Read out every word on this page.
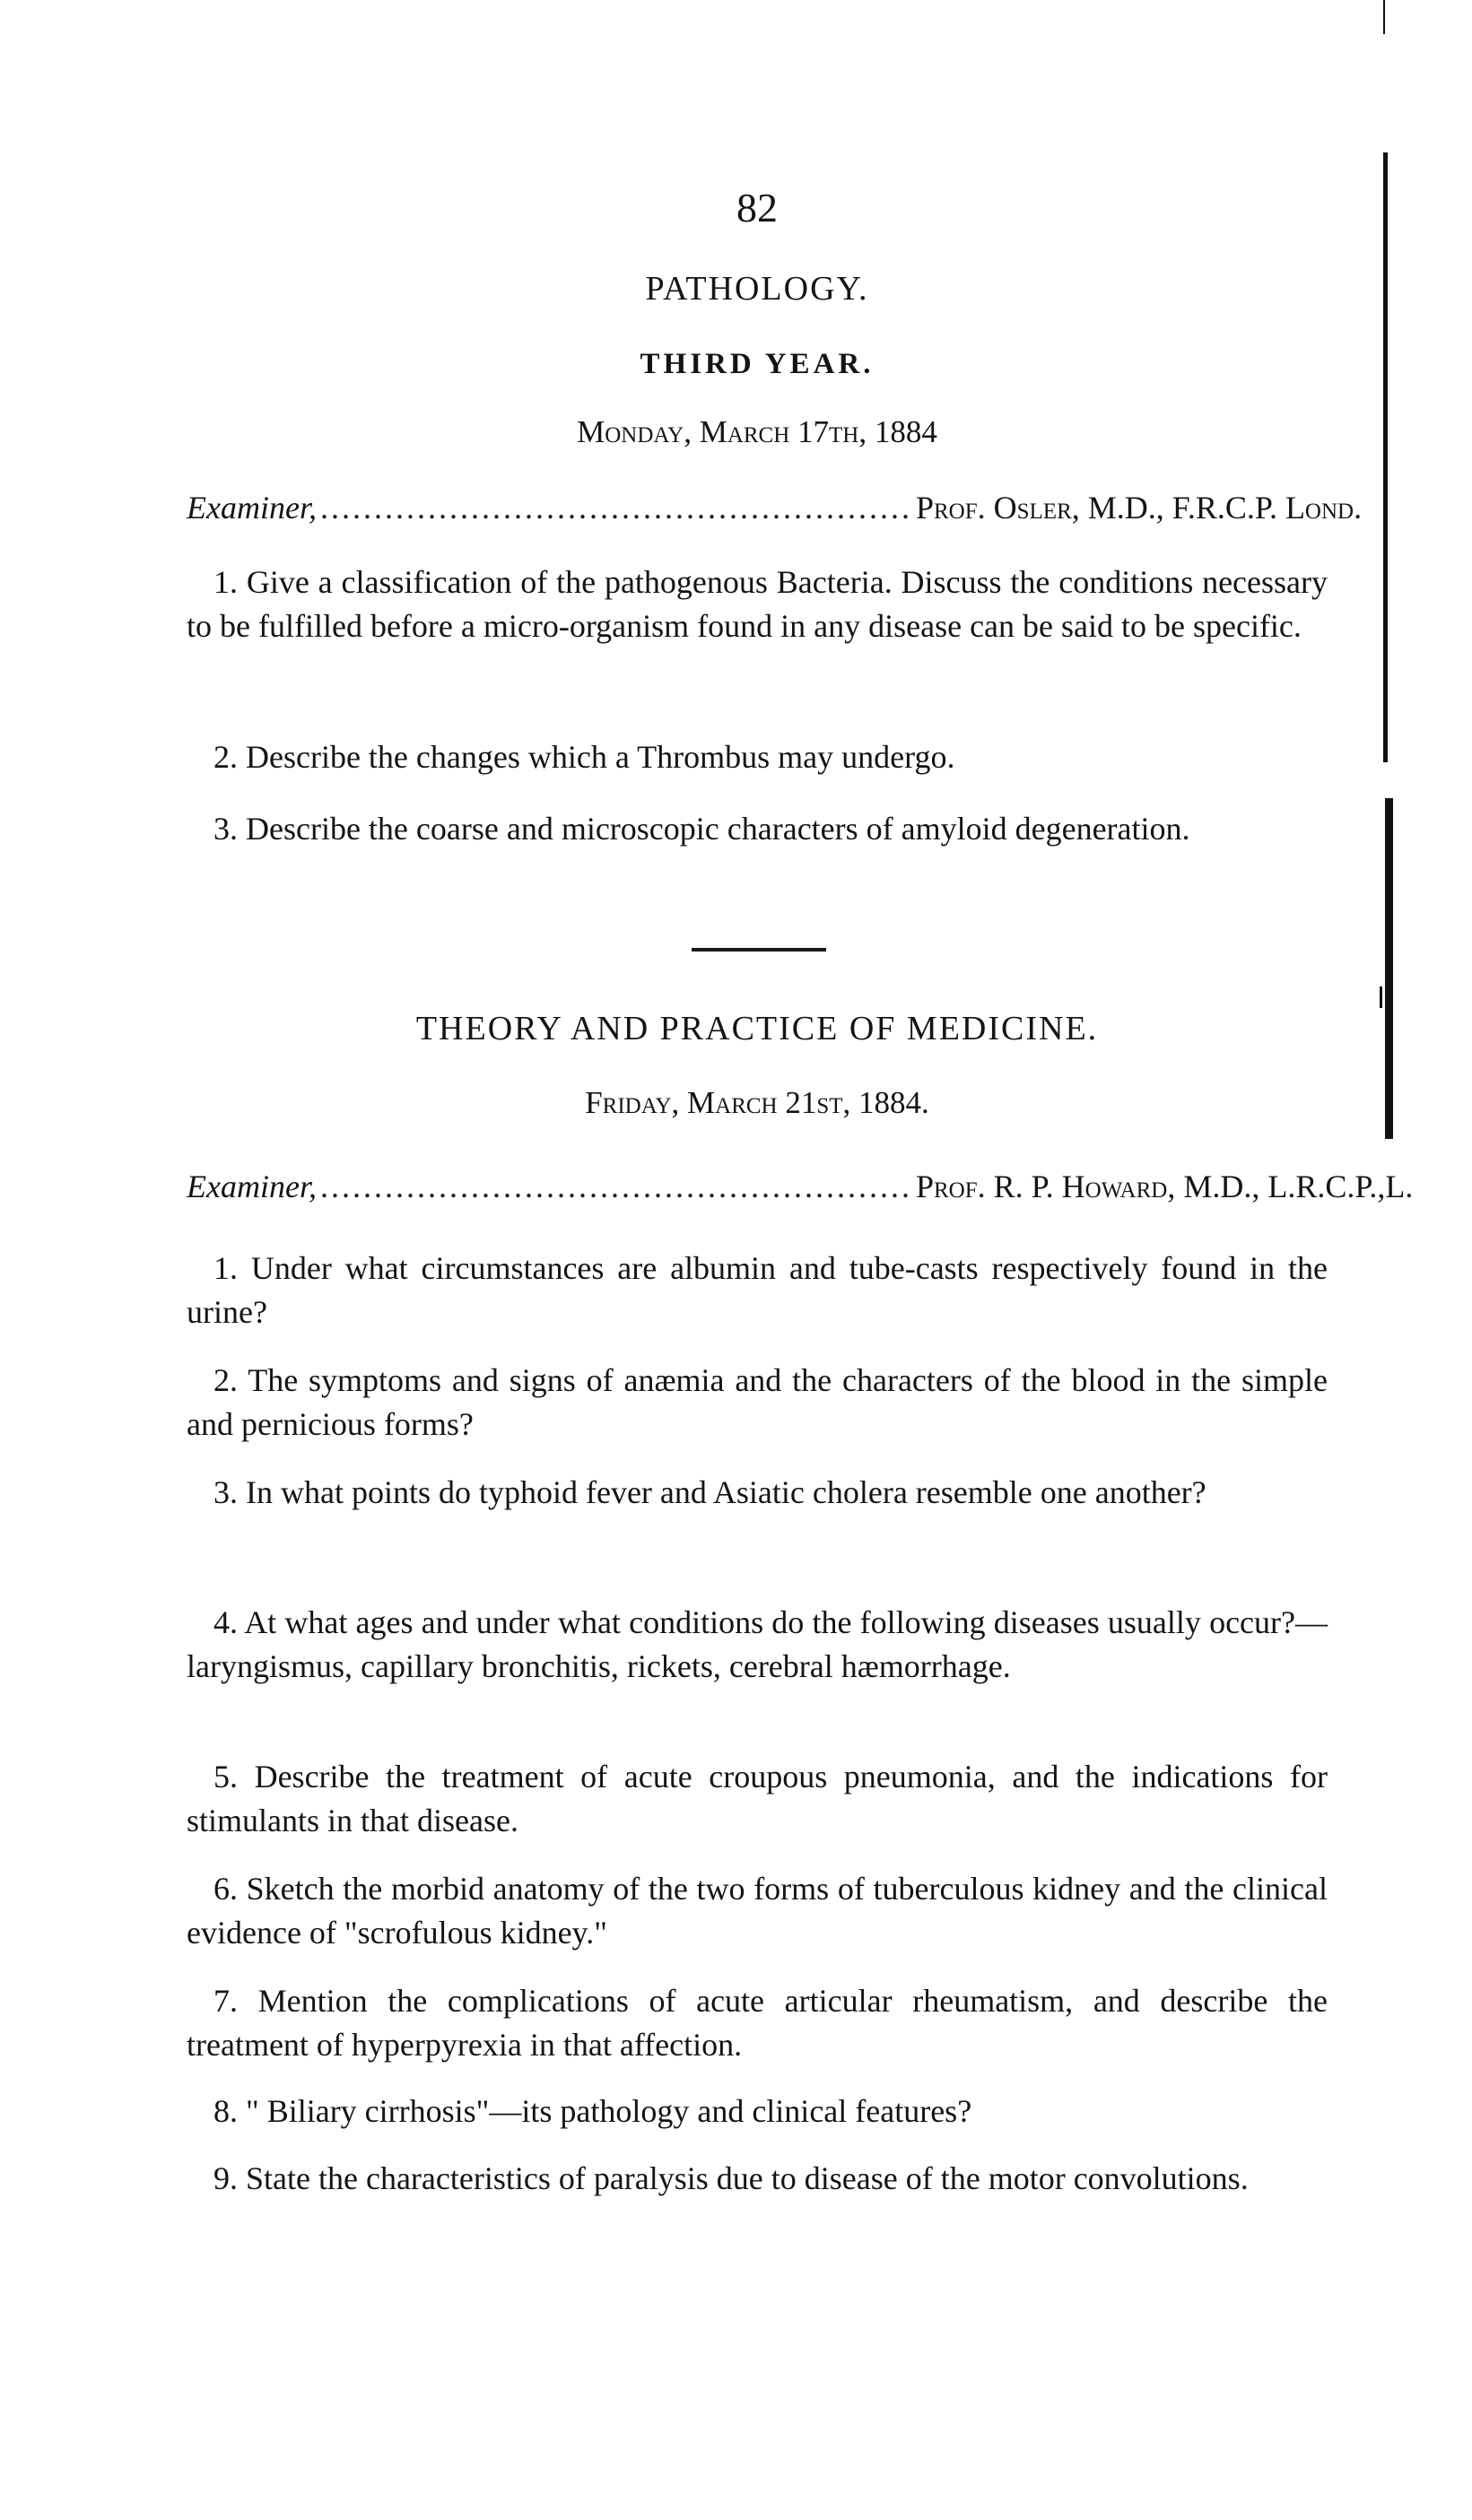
82
PATHOLOGY.
THIRD YEAR.
Monday, March 17th, 1884
Examiner, ....................................................... Prof. Osler, M.D., F.R.C.P. Lond.
1. Give a classification of the pathogenous Bacteria. Discuss the conditions necessary to be fulfilled before a micro-organism found in any disease can be said to be specific.
2. Describe the changes which a Thrombus may undergo.
3. Describe the coarse and microscopic characters of amyloid degeneration.
THEORY AND PRACTICE OF MEDICINE.
Friday, March 21st, 1884.
Examiner, ....................................................... Prof. R. P. Howard, M.D., L.R.C.P.,L.
1. Under what circumstances are albumin and tube-casts respectively found in the urine?
2. The symptoms and signs of anæmia and the characters of the blood in the simple and pernicious forms?
3. In what points do typhoid fever and Asiatic cholera resemble one another?
4. At what ages and under what conditions do the following diseases usually occur?—laryngismus, capillary bronchitis, rickets, cerebral hæmorrhage.
5. Describe the treatment of acute croupous pneumonia, and the indications for stimulants in that disease.
6. Sketch the morbid anatomy of the two forms of tuberculous kidney and the clinical evidence of "scrofulous kidney."
7. Mention the complications of acute articular rheumatism, and describe the treatment of hyperpyrexia in that affection.
8. " Biliary cirrhosis"—its pathology and clinical features?
9. State the characteristics of paralysis due to disease of the motor convolutions.
